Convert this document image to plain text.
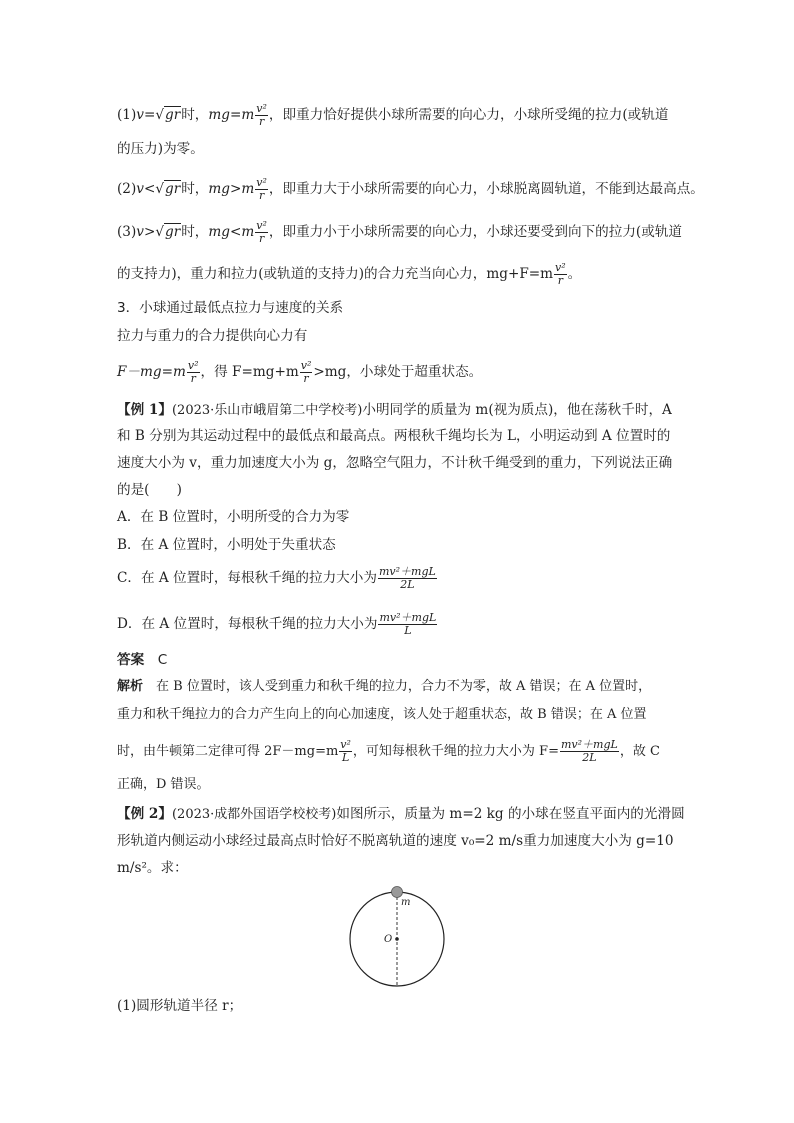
(1)v=√gr时，$mg=m \frac{\text{v²}}{r}$ ，即重力恰好提供小球所需要的向心力，小球所受绳的拉力(或轨道
的压力)为零。
(2)v<√gr时，$mg>m \frac{\text{v²}}{r}$ ，即重力大于小球所需要的向心力，小球脱离圆轨道，不能到达最高点。
(3)v>√gr时，$mg<m \frac{\text{v²}}{r}$ ，即重力小于小球所需要的向心力，小球还要受到向下的拉力(或轨道
的支持力)，重力和拉力(或轨道的支持力)的合力充当向心力，$mg+F=m \frac{\text{v²}}{r}$ 。
3．小球通过最低点拉力与速度的关系
拉力与重力的合力提供向心力有
$F-mg=m \frac{\text{v²}}{r}$ ，得 $F=mg+m \frac{\text{v²}}{r} >mg$，小球处于超重状态。
【例 1】(2023·乐山市峨眉第二中学校考)小明同学的质量为 m(视为质点)，他在荡秋千时，A
和 B 分别为其运动过程中的最低点和最高点。两根秋千绳均长为 L，小明运动到 A 位置时的
速度大小为 v，重力加速度大小为 g，忽略空气阻力，不计秋千绳受到的重力，下列说法正确
的是(　　)
A．在 B 位置时，小明所受的合力为零
B．在 A 位置时，小明处于失重状态
C．在 A 位置时，每根秋千绳的拉力大小为 $\frac{\text{mv²＋mgL}}{2L}$
D．在 A 位置时，每根秋千绳的拉力大小为 $\frac{\text{mv²＋mgL}}{L}$
答案　 C
解析　 在 B 位置时，该人受到重力和秋千绳的拉力，合力不为零，故 A 错误；在 A 位置时，
重力和秋千绳拉力的合力产生向上的向心加速度，该人处于超重状态，故 B 错误；在 A 位置
时，由牛顿第二定律可得 $2F-mg=m \frac{\text{v²}}{L}$ ，可知每根秋千绳的拉力大小为 $F= \frac{\text{mv²＋mgL}}{2L}$ ，故 C
正确，D 错误。
【例 2】(2023·成都外国语学校校考)如图所示，质量为 m=2 kg 的小球在竖直平面内的光滑圆
形轨道内侧运动小球经过最高点时恰好不脱离轨道的速度 v₀=2 m/s重力加速度大小为 g=10
m/s²。求：
m
O
(1)圆形轨道半径 r；
